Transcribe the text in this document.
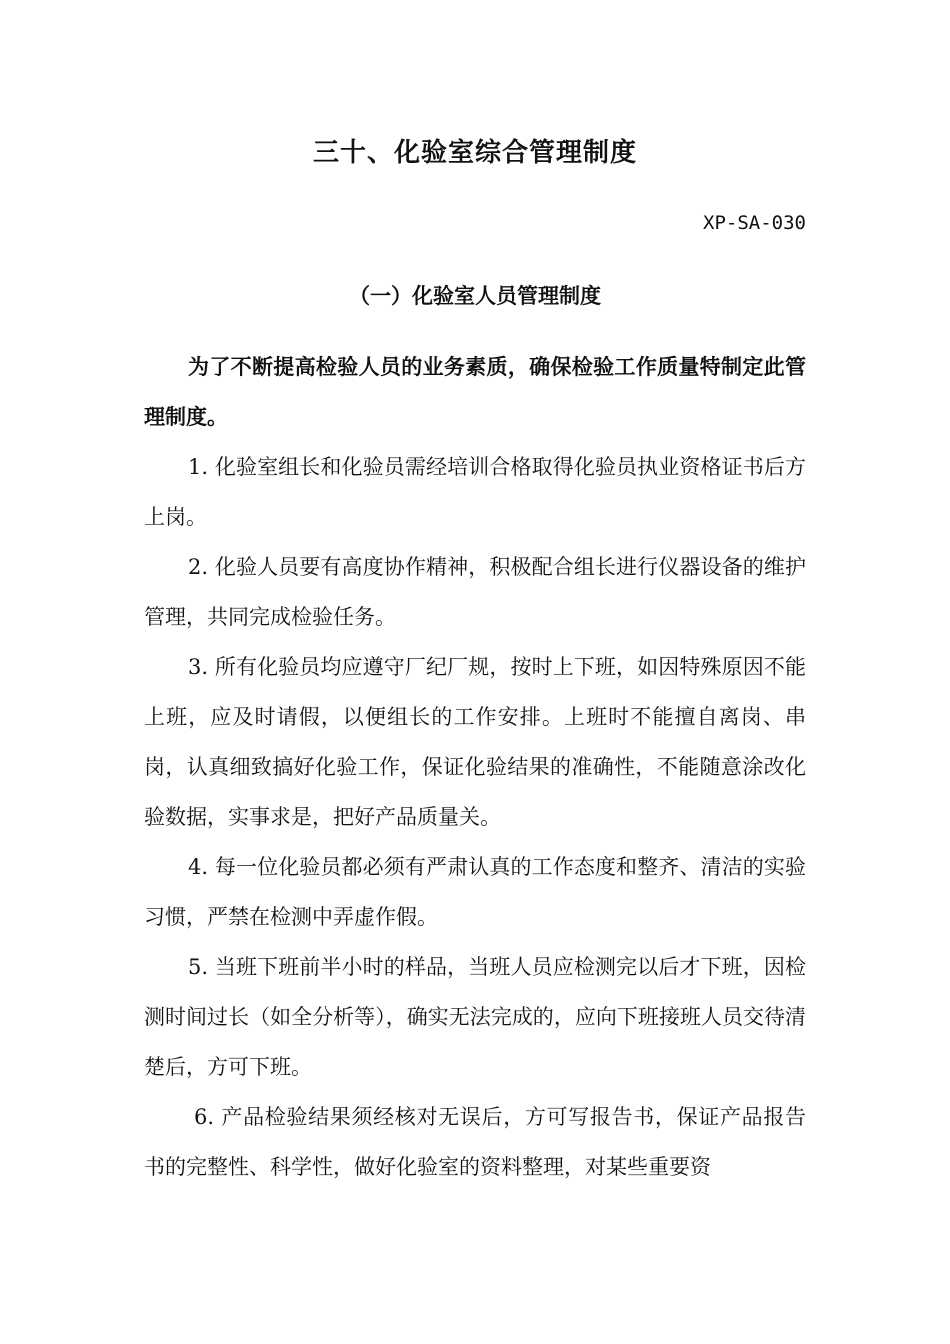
三十、化验室综合管理制度
XP-SA-030
（一）化验室人员管理制度

为了不断提高检验人员的业务素质，确保检验工作质量特制定此管理制度。

1. 化验室组长和化验员需经培训合格取得化验员执业资格证书后方上岗。

2. 化验人员要有高度协作精神，积极配合组长进行仪器设备的维护管理，共同完成检验任务。

3. 所有化验员均应遵守厂纪厂规，按时上下班，如因特殊原因不能上班，应及时请假，以便组长的工作安排。上班时不能擅自离岗、串岗，认真细致搞好化验工作，保证化验结果的准确性，不能随意涂改化验数据，实事求是，把好产品质量关。

4. 每一位化验员都必须有严肃认真的工作态度和整齐、清洁的实验习惯，严禁在检测中弄虚作假。

5. 当班下班前半小时的样品，当班人员应检测完以后才下班，因检测时间过长（如全分析等），确实无法完成的，应向下班接班人员交待清楚后，方可下班。

6. 产品检验结果须经核对无误后，方可写报告书，保证产品报告书的完整性、科学性，做好化验室的资料整理，对某些重要资
